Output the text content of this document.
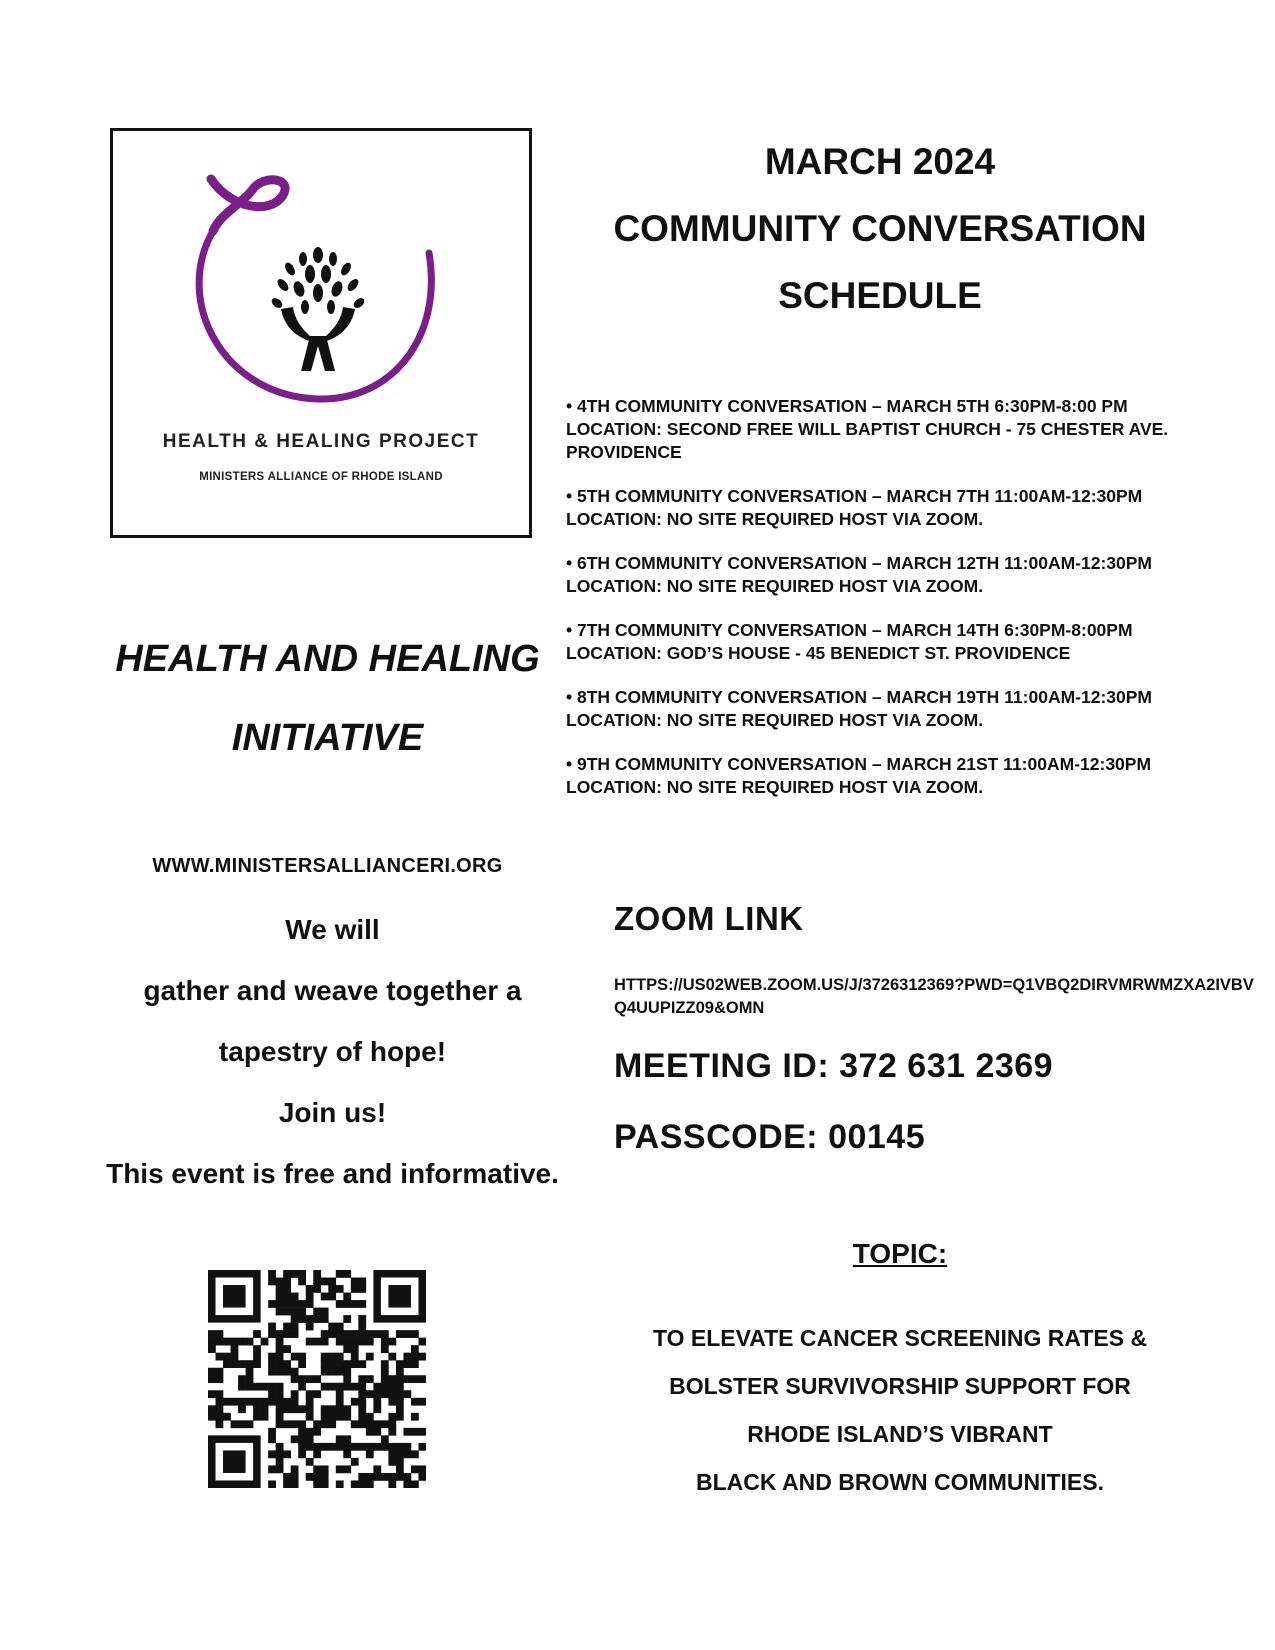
HEALTH & HEALING PROJECT
MINISTERS ALLIANCE OF RHODE ISLAND
MARCH 2024
COMMUNITY CONVERSATION
SCHEDULE
• 4TH COMMUNITY CONVERSATION – MARCH 5TH 6:30PM-8:00 PM
LOCATION: SECOND FREE WILL BAPTIST CHURCH - 75 CHESTER AVE. PROVIDENCE
• 5TH COMMUNITY CONVERSATION – MARCH 7TH 11:00AM-12:30PM
LOCATION: NO SITE REQUIRED HOST VIA ZOOM.
• 6TH COMMUNITY CONVERSATION – MARCH 12TH 11:00AM-12:30PM
LOCATION: NO SITE REQUIRED HOST VIA ZOOM.
• 7TH COMMUNITY CONVERSATION – MARCH 14TH 6:30PM-8:00PM
LOCATION: GOD’S HOUSE - 45 BENEDICT ST. PROVIDENCE
• 8TH COMMUNITY CONVERSATION – MARCH 19TH 11:00AM-12:30PM
LOCATION: NO SITE REQUIRED HOST VIA ZOOM.
• 9TH COMMUNITY CONVERSATION – MARCH 21ST 11:00AM-12:30PM
LOCATION: NO SITE REQUIRED HOST VIA ZOOM.
HEALTH AND HEALING
INITIATIVE
WWW.MINISTERSALLIANCERI.ORG
We will
gather and weave together a
tapestry of hope!
Join us!
This event is free and informative.
ZOOM LINK
HTTPS://US02WEB.ZOOM.US/J/3726312369?PWD=Q1VBQ2DIRVMRWMZXA2IVBVQ4UUPIZZ09&OMN
MEETING ID: 372 631 2369
PASSCODE: 00145
TOPIC:
TO ELEVATE CANCER SCREENING RATES &
BOLSTER SURVIVORSHIP SUPPORT FOR
RHODE ISLAND’S VIBRANT
BLACK AND BROWN COMMUNITIES.
